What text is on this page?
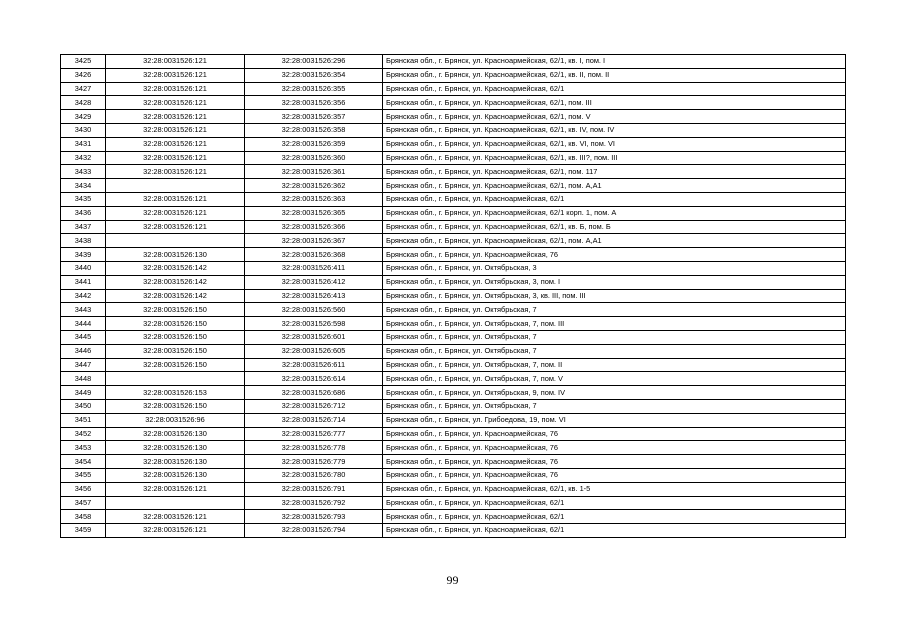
3425	32:28:0031526:121	32:28:0031526:296	Брянская обл., г. Брянск, ул. Красноармейская, 62/1, кв. I, пом. I
3426	32:28:0031526:121	32:28:0031526:354	Брянская обл., г. Брянск, ул. Красноармейская, 62/1, кв. II, пом. II
3427	32:28:0031526:121	32:28:0031526:355	Брянская обл., г. Брянск, ул. Красноармейская, 62/1
3428	32:28:0031526:121	32:28:0031526:356	Брянская обл., г. Брянск, ул. Красноармейская, 62/1, пом. III
3429	32:28:0031526:121	32:28:0031526:357	Брянская обл., г. Брянск, ул. Красноармейская, 62/1, пом. V
3430	32:28:0031526:121	32:28:0031526:358	Брянская обл., г. Брянск, ул. Красноармейская, 62/1, кв. IV, пом. IV
3431	32:28:0031526:121	32:28:0031526:359	Брянская обл., г. Брянск, ул. Красноармейская, 62/1, кв. VI, пом. VI
3432	32:28:0031526:121	32:28:0031526:360	Брянская обл., г. Брянск, ул. Красноармейская, 62/1, кв. III?, пом. III
3433	32:28:0031526:121	32:28:0031526:361	Брянская обл., г. Брянск, ул. Красноармейская, 62/1, пом. 117
3434		32:28:0031526:362	Брянская обл., г. Брянск, ул. Красноармейская, 62/1, пом. А,А1
3435	32:28:0031526:121	32:28:0031526:363	Брянская обл., г. Брянск, ул. Красноармейская, 62/1
3436	32:28:0031526:121	32:28:0031526:365	Брянская обл., г. Брянск, ул. Красноармейская, 62/1 корп. 1, пом. А
3437	32:28:0031526:121	32:28:0031526:366	Брянская обл., г. Брянск, ул. Красноармейская, 62/1, кв. Б, пом. Б
3438		32:28:0031526:367	Брянская обл., г. Брянск, ул. Красноармейская, 62/1, пом. А,А1
3439	32:28:0031526:130	32:28:0031526:368	Брянская обл., г. Брянск, ул. Красноармейская, 76
3440	32:28:0031526:142	32:28:0031526:411	Брянская обл., г. Брянск, ул. Октябрьская, 3
3441	32:28:0031526:142	32:28:0031526:412	Брянская обл., г. Брянск, ул. Октябрьская, 3, пом. I
3442	32:28:0031526:142	32:28:0031526:413	Брянская обл., г. Брянск, ул. Октябрьская, 3, кв. III, пом. III
3443	32:28:0031526:150	32:28:0031526:560	Брянская обл., г. Брянск, ул. Октябрьская, 7
3444	32:28:0031526:150	32:28:0031526:598	Брянская обл., г. Брянск, ул. Октябрьская, 7, пом. III
3445	32:28:0031526:150	32:28:0031526:601	Брянская обл., г. Брянск, ул. Октябрьская, 7
3446	32:28:0031526:150	32:28:0031526:605	Брянская обл., г. Брянск, ул. Октябрьская, 7
3447	32:28:0031526:150	32:28:0031526:611	Брянская обл., г. Брянск, ул. Октябрьская, 7, пом. II
3448		32:28:0031526:614	Брянская обл., г. Брянск, ул. Октябрьская, 7, пом. V
3449	32:28:0031526:153	32:28:0031526:686	Брянская обл., г. Брянск, ул. Октябрьская, 9, пом. IV
3450	32:28:0031526:150	32:28:0031526:712	Брянская обл., г. Брянск, ул. Октябрьская, 7
3451	32:28:0031526:96	32:28:0031526:714	Брянская обл., г. Брянск, ул. Грибоедова, 19, пом. VI
3452	32:28:0031526:130	32:28:0031526:777	Брянская обл., г. Брянск, ул. Красноармейская, 76
3453	32:28:0031526:130	32:28:0031526:778	Брянская обл., г. Брянск, ул. Красноармейская, 76
3454	32:28:0031526:130	32:28:0031526:779	Брянская обл., г. Брянск, ул. Красноармейская, 76
3455	32:28:0031526:130	32:28:0031526:780	Брянская обл., г. Брянск, ул. Красноармейская, 76
3456	32:28:0031526:121	32:28:0031526:791	Брянская обл., г. Брянск, ул. Красноармейская, 62/1, кв. 1-5
3457		32:28:0031526:792	Брянская обл., г. Брянск, ул. Красноармейская, 62/1
3458	32:28:0031526:121	32:28:0031526:793	Брянская обл., г. Брянск, ул. Красноармейская, 62/1
3459	32:28:0031526:121	32:28:0031526:794	Брянская обл., г. Брянск, ул. Красноармейская, 62/1
99
